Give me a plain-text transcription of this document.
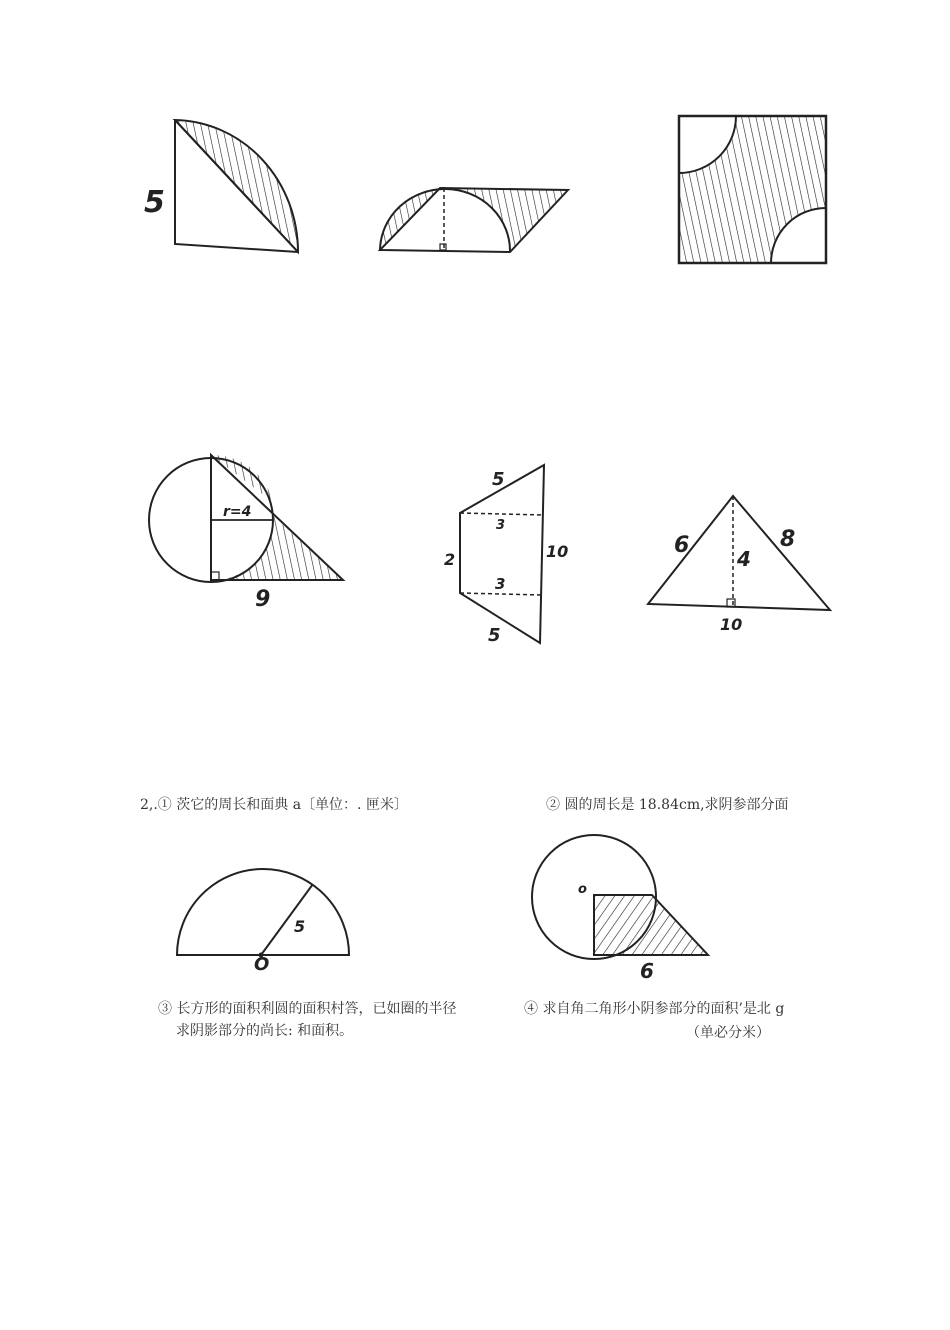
5
r=4
9
5
3
2	10
3
5
6	8
4
10
2,.① 茨它的周长和面典 a〔单位：. 匣米〕	② 圆的周长是 18.84cm,求阴参部分面
5
O
o
6
③ 长方形的面积利圆的面积村答，已如圈的半径
求阴影部分的尚长: 和面积。
④ 求自角二角形小阴参部分的面积’是北 g
（单必分米）
